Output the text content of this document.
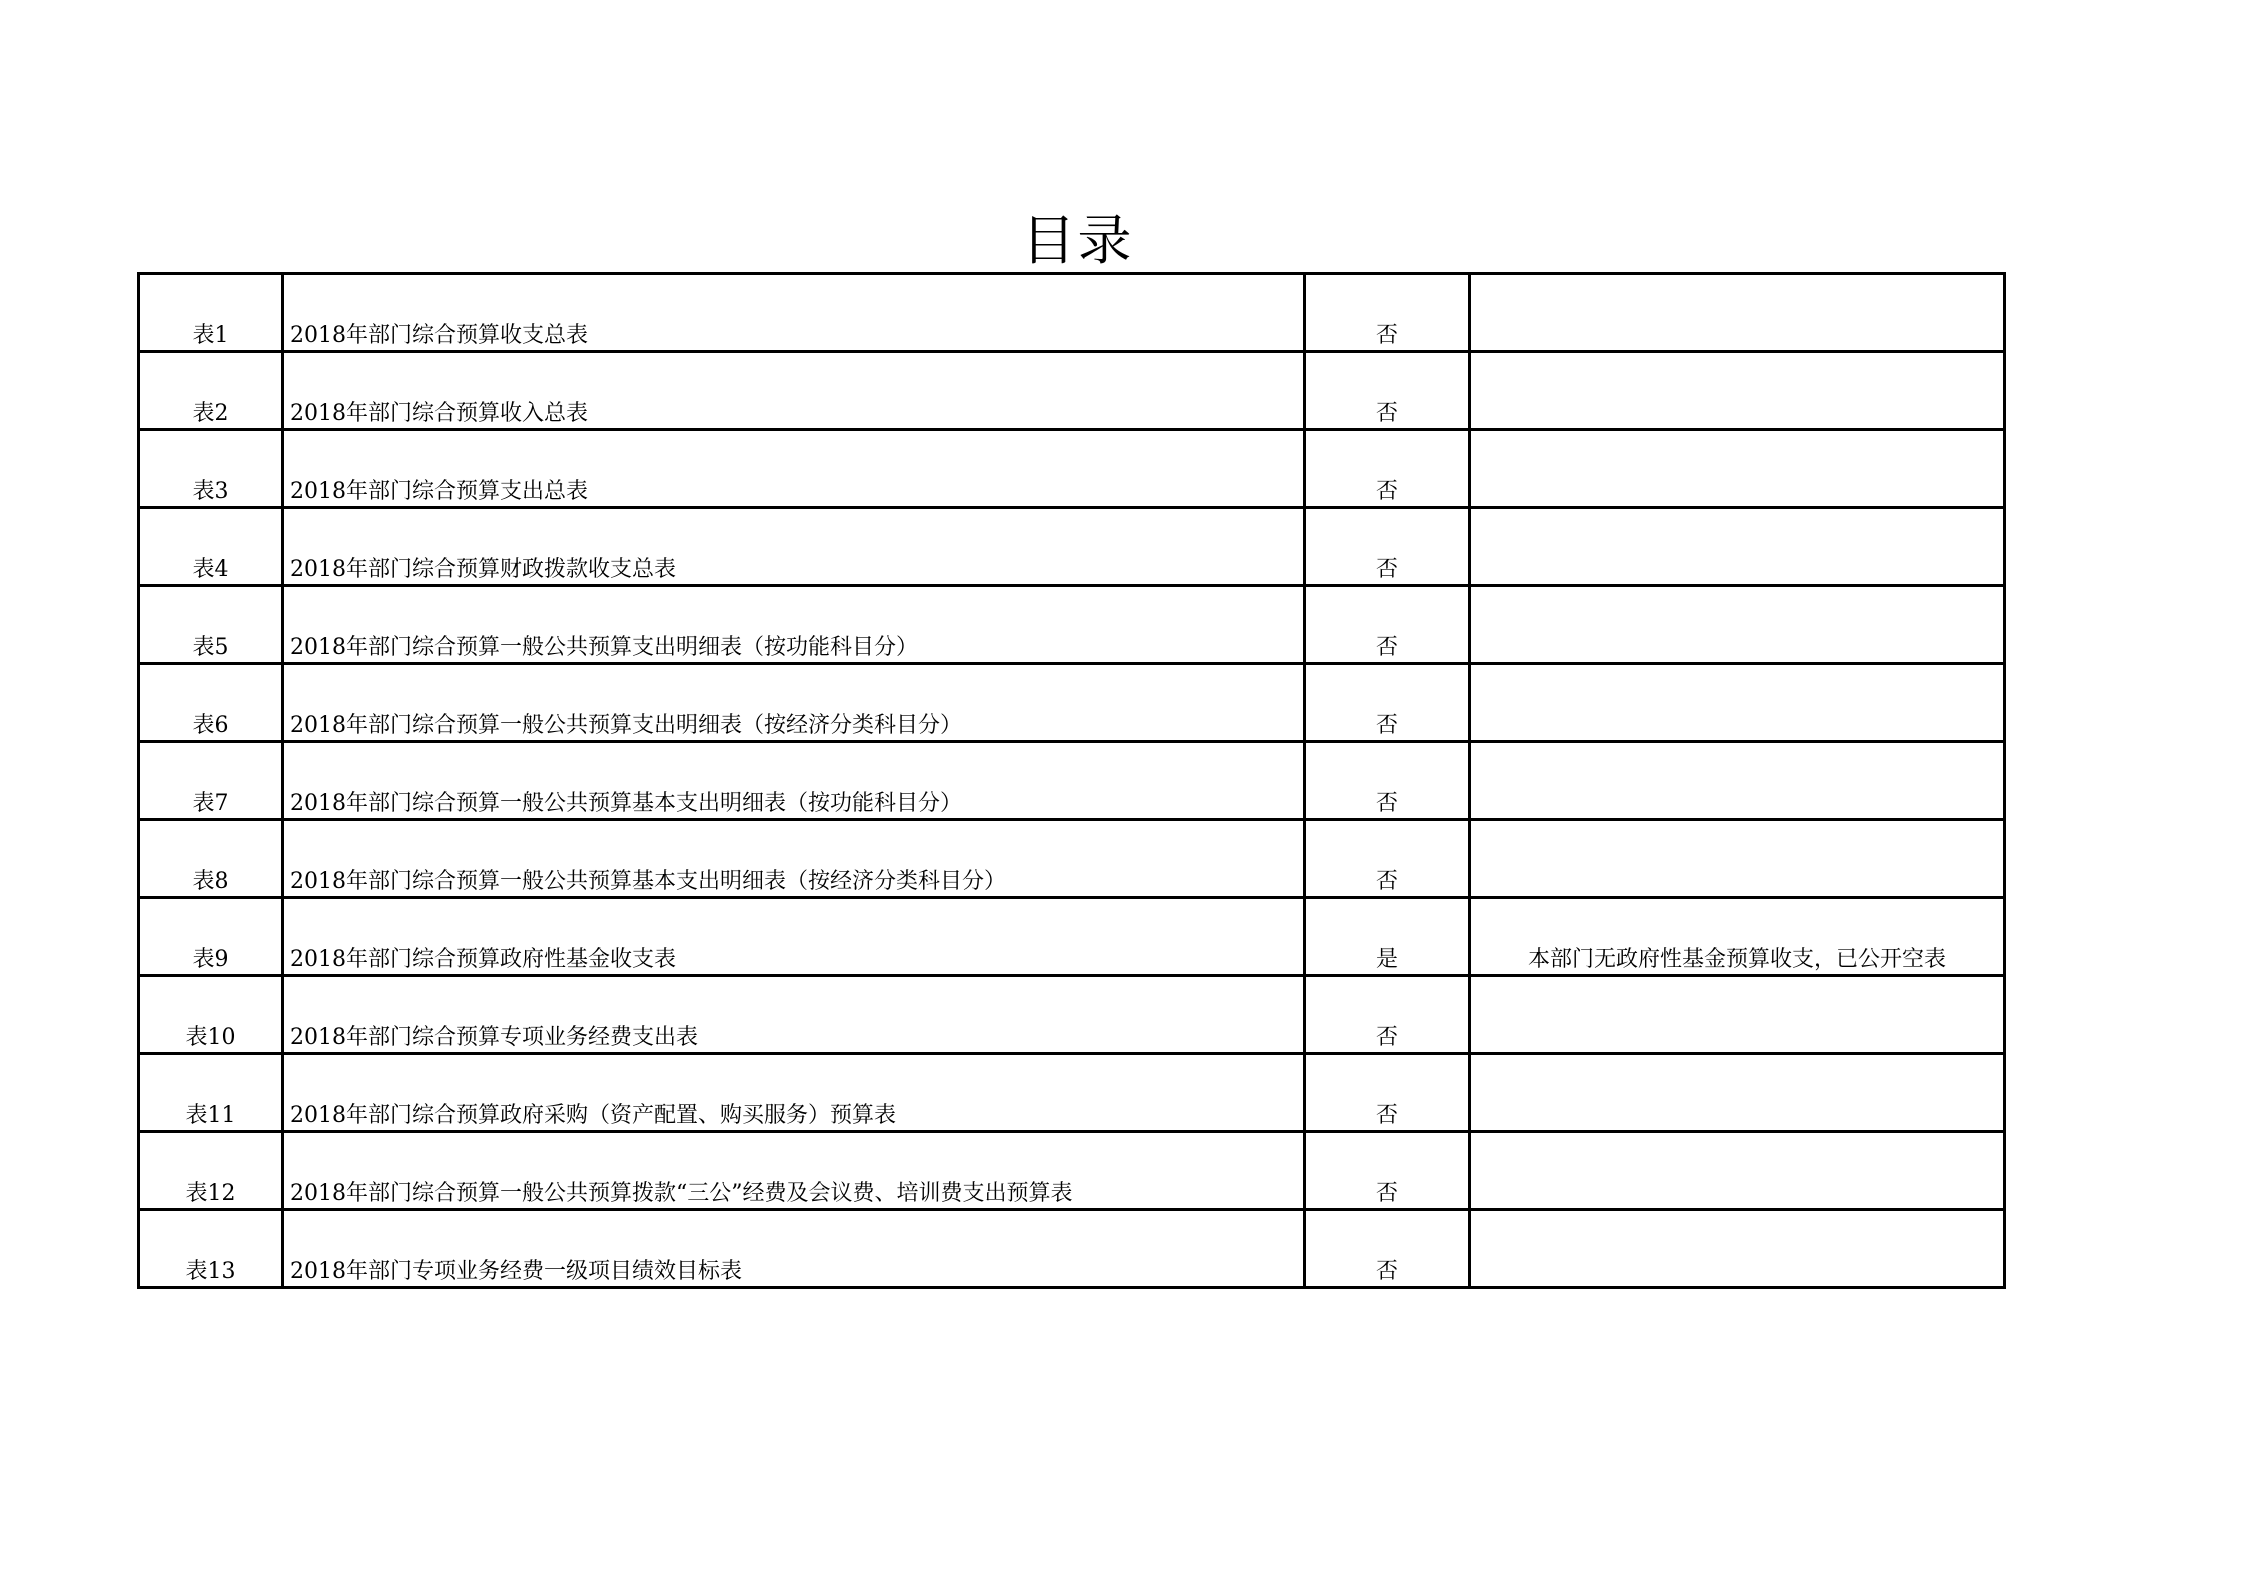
目录
表1	2018年部门综合预算收支总表	否	

表2	2018年部门综合预算收入总表	否	

表3	2018年部门综合预算支出总表	否	

表4	2018年部门综合预算财政拨款收支总表	否	

表5	2018年部门综合预算一般公共预算支出明细表（按功能科目分）	否	

表6	2018年部门综合预算一般公共预算支出明细表（按经济分类科目分）	否	

表7	2018年部门综合预算一般公共预算基本支出明细表（按功能科目分）	否	

表8	2018年部门综合预算一般公共预算基本支出明细表（按经济分类科目分）	否	

表9	2018年部门综合预算政府性基金收支表	是	本部门无政府性基金预算收支，已公开空表

表10	2018年部门综合预算专项业务经费支出表	否	

表11	2018年部门综合预算政府采购（资产配置、购买服务）预算表	否	

表12	2018年部门综合预算一般公共预算拨款“三公”经费及会议费、培训费支出预算表	否	

表13	2018年部门专项业务经费一级项目绩效目标表	否	
